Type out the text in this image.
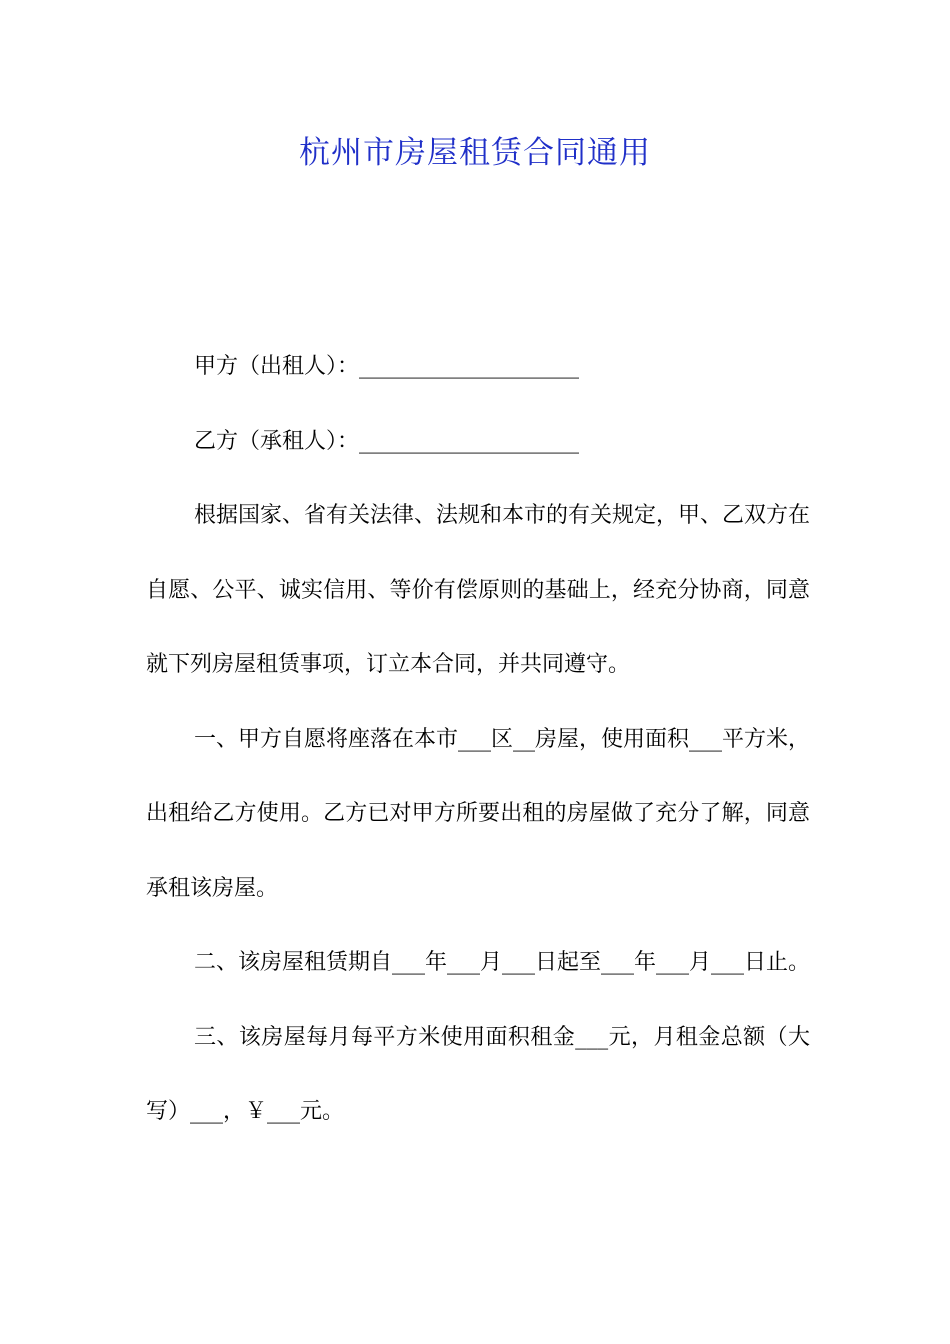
杭州市房屋租赁合同通用

甲方（出租人）：____________________

乙方（承租人）：____________________

根据国家、省有关法律、法规和本市的有关规定，甲、乙双方在自愿、公平、诚实信用、等价有偿原则的基础上，经充分协商，同意就下列房屋租赁事项，订立本合同，并共同遵守。

一、甲方自愿将座落在本市___区__房屋，使用面积___平方米，出租给乙方使用。乙方已对甲方所要出租的房屋做了充分了解，同意承租该房屋。

二、该房屋租赁期自___年___月___日起至___年___月___日止。

三、该房屋每月每平方米使用面积租金___元，月租金总额（大写）___，￥___元。
